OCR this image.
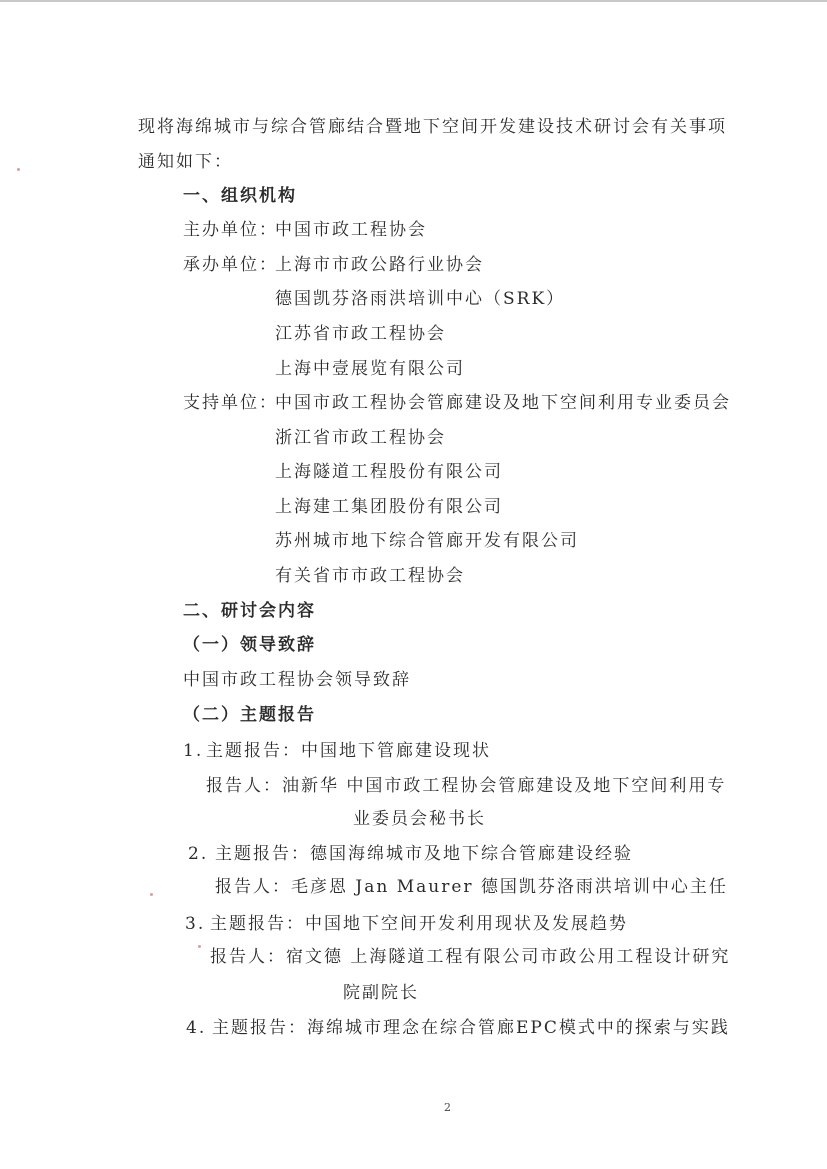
现将海绵城市与综合管廊结合暨地下空间开发建设技术研讨会有关事项
通知如下：
一、组织机构
主办单位：
中国市政工程协会
承办单位：
上海市市政公路行业协会
德国凯芬洛雨洪培训中心（SRK）
江苏省市政工程协会
上海中壹展览有限公司
支持单位：
中国市政工程协会管廊建设及地下空间利用专业委员会
浙江省市政工程协会
上海隧道工程股份有限公司
上海建工集团股份有限公司
苏州城市地下综合管廊开发有限公司
有关省市市政工程协会
二、研讨会内容
（一）领导致辞
中国市政工程协会领导致辞
（二）主题报告
1. 主题报告：中国地下管廊建设现状
报告人：油新华 中国市政工程协会管廊建设及地下空间利用专
业委员会秘书长
2. 主题报告：德国海绵城市及地下综合管廊建设经验
报告人：毛彦恩 Jan Maurer 德国凯芬洛雨洪培训中心主任
3. 主题报告：中国地下空间开发利用现状及发展趋势
报告人：宿文德 上海隧道工程有限公司市政公用工程设计研究
院副院长
4. 主题报告：海绵城市理念在综合管廊EPC模式中的探索与实践
2
